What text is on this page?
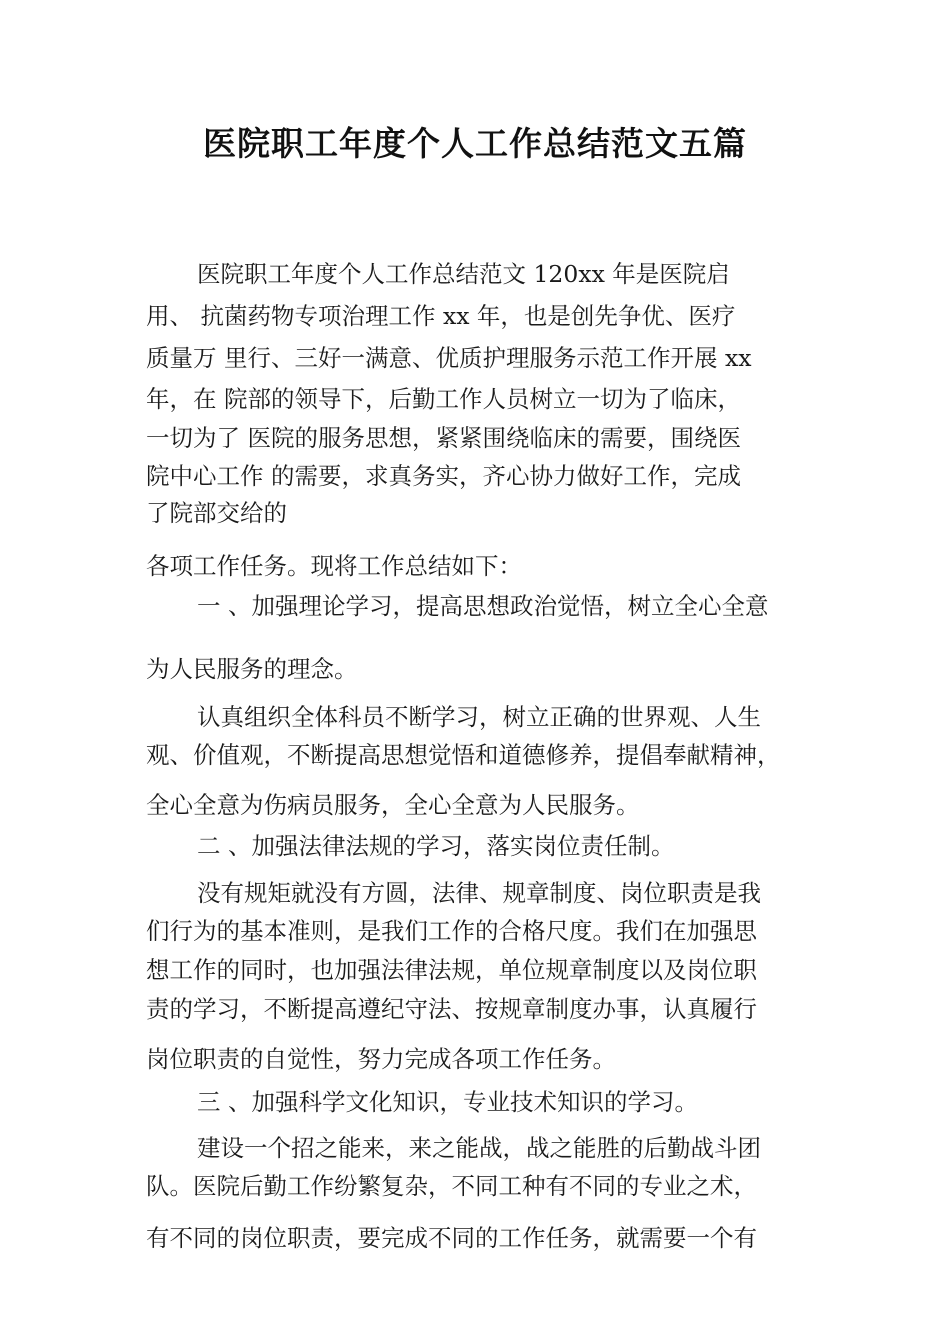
医院职工年度个人工作总结范文五篇
医院职工年度个人工作总结范文 120xx 年是医院启
用、 抗菌药物专项治理工作 xx 年，也是创先争优、医疗
质量万 里行、三好一满意、优质护理服务示范工作开展 xx
年，在 院部的领导下，后勤工作人员树立一切为了临床，
一切为了 医院的服务思想，紧紧围绕临床的需要，围绕医
院中心工作 的需要，求真务实，齐心协力做好工作，完成
了院部交给的
各项工作任务。现将工作总结如下：
一 、加强理论学习，提高思想政治觉悟，树立全心全意
为人民服务的理念。
认真组织全体科员不断学习，树立正确的世界观、人生
观、价值观，不断提高思想觉悟和道德修养，提倡奉献精神，
全心全意为伤病员服务，全心全意为人民服务。
二 、加强法律法规的学习，落实岗位责任制。
没有规矩就没有方圆，法律、规章制度、岗位职责是我
们行为的基本准则，是我们工作的合格尺度。我们在加强思
想工作的同时，也加强法律法规，单位规章制度以及岗位职
责的学习，不断提高遵纪守法、按规章制度办事，认真履行
岗位职责的自觉性，努力完成各项工作任务。
三 、加强科学文化知识，专业技术知识的学习。
建设一个招之能来，来之能战，战之能胜的后勤战斗团
队。医院后勤工作纷繁复杂，不同工种有不同的专业之术，
有不同的岗位职责，要完成不同的工作任务，就需要一个有
